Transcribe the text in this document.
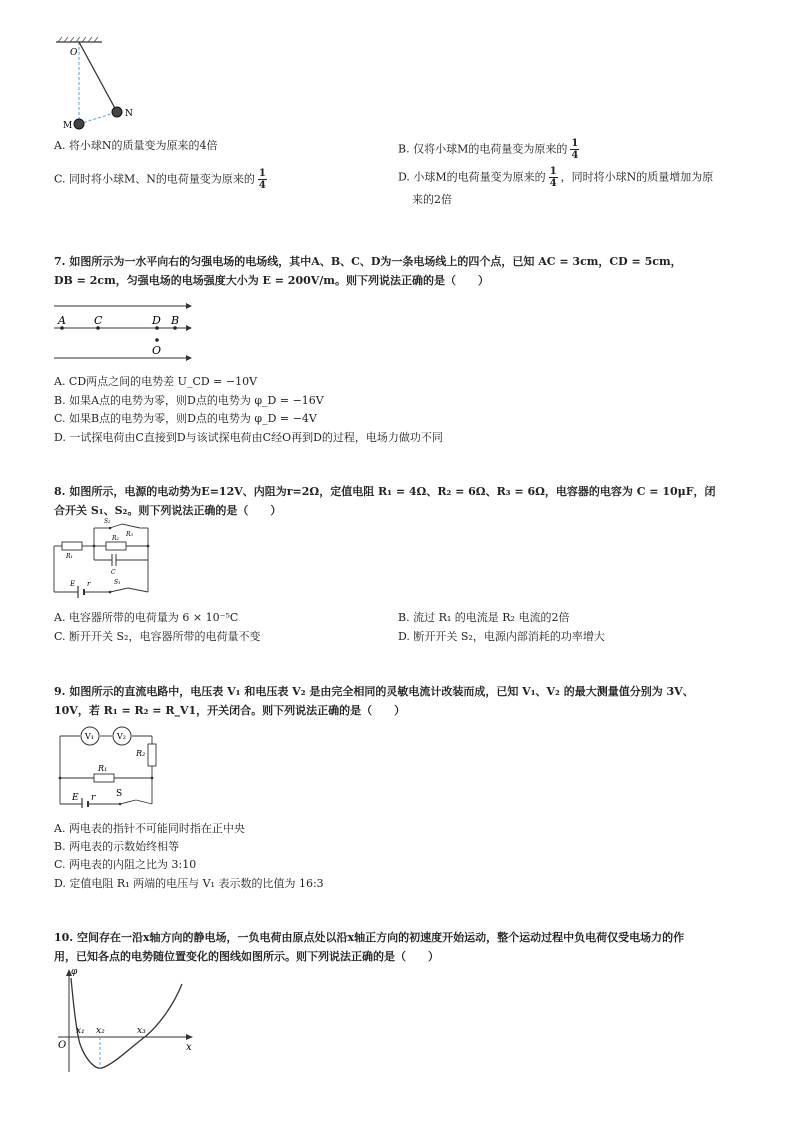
O
M
N
A. 将小球N的质量变为原来的4倍	B. 仅将小球M的电荷量变为原来的 $\frac{1}{4}$
C. 同时将小球M、N的电荷量变为原来的 $\frac{1}{4}$	D. 小球M的电荷量变为原来的 $\frac{1}{4}$ ，同时将小球N的质量增加为原
来的2倍
7. 如图所示为一水平向右的匀强电场的电场线，其中A、B、C、D为一条电场线上的四个点，已知 AC = 3cm，CD = 5cm，
DB = 2cm，匀强电场的电场强度大小为 E = 200V/m。则下列说法正确的是（　　）
A	C	D B
O
A. CD两点之间的电势差 U_CD = −10V
B. 如果A点的电势为零，则D点的电势为 φ_D = −16V
C. 如果B点的电势为零，则D点的电势为 φ_D = −4V
D. 一试探电荷由C直接到D与该试探电荷由C经O再到D的过程，电场力做功不同
8. 如图所示，电源的电动势为E=12V、内阻为r=2Ω，定值电阻 R₁ = 4Ω、R₂ = 6Ω、R₃ = 6Ω，电容器的电容为 C = 10μF，闭
合开关 S₁、S₂。则下列说法正确的是（　　）
S₂
R₃
R₂
R₁
C
E r	S₁
A. 电容器所带的电荷量为 6 × 10⁻⁵C	B. 流过 R₁ 的电流是 R₂ 电流的2倍
C. 断开开关 S₂，电容器所带的电荷量不变	D. 断开开关 S₂，电源内部消耗的功率增大
9. 如图所示的直流电路中，电压表 V₁ 和电压表 V₂ 是由完全相同的灵敏电流计改装而成，已知 V₁、V₂ 的最大测量值分别为 3V、
10V，若 R₁ = R₂ = R_V1，开关闭合。则下列说法正确的是（　　）
V₁	V₂
R₂
R₁
E r S
A. 两电表的指针不可能同时指在正中央
B. 两电表的示数始终相等
C. 两电表的内阻之比为 3:10
D. 定值电阻 R₁ 两端的电压与 V₁ 表示数的比值为 16:3
10. 空间存在一沿x轴方向的静电场，一负电荷由原点处以沿x轴正方向的初速度开始运动，整个运动过程中负电荷仅受电场力的作
用，已知各点的电势随位置变化的图线如图所示。则下列说法正确的是（　　）
φ
O	x
x₁ x₂	x₃
